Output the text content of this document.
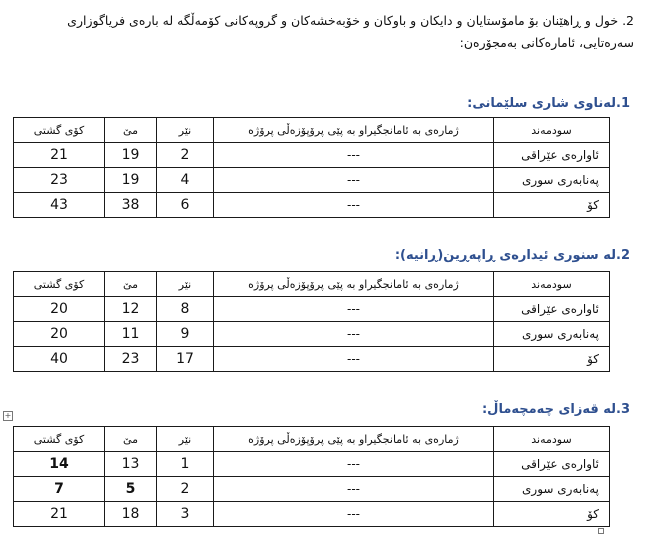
2. خول و ڕاهێنان بۆ مامۆستایان و دایکان و باوکان و خۆبەخشەکان و گروپەکانی کۆمەڵگە لە بارەی فریاگوزاری
سەرەتایی، ئامارەکانی بەمجۆرەن:
1.لەناوی شاری سلێمانی:
کۆی گشتی	مێ	نێر	ژمارەی بە ئامانجگیراو بە پێی پرۆپۆزەڵی پرۆژە	سودمەند
21	19	2	---	ئاوارەی عێراقی
23	19	4	---	پەنابەری سوری
43	38	6	---	کۆ
2.لە سنوری ئیدارەی ڕاپەڕین(ڕانیە):
کۆی گشتی	مێ	نێر	ژمارەی بە ئامانجگیراو بە پێی پرۆپۆزەڵی پرۆژە	سودمەند
20	12	8	---	ئاوارەی عێراقی
20	11	9	---	پەنابەری سوری
40	23	17	---	کۆ
3.لە قەزای چەمچەماڵ:
+
کۆی گشتی	مێ	نێر	ژمارەی بە ئامانجگیراو بە پێی پرۆپۆزەڵی پرۆژە	سودمەند
14	13	1	---	ئاوارەی عێراقی
7	5	2	---	پەنابەری سوری
21	18	3	---	کۆ
